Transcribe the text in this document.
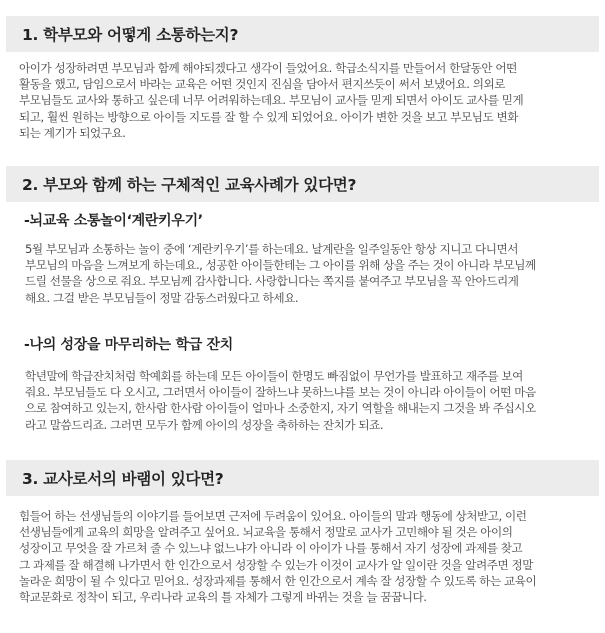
1. 학부모와 어떻게 소통하는지?
아이가 성장하려면 부모님과 함께 해야되겠다고 생각이 들었어요. 학급소식지를 만들어서 한달동안 어떤
활동을 했고, 담임으로서 바라는 교육은 어떤 것인지 진심을 담아서 편지쓰듯이 써서 보냈어요. 의외로
부모님들도 교사와 통하고 싶은데 너무 어려워하는데요. 부모님이 교사들 믿게 되면서 아이도 교사를 믿게
되고, 훨씬 원하는 방향으로 아이들 지도를 잘 할 수 있게 되었어요. 아이가 변한 것을 보고 부모님도 변화
되는 계기가 되었구요.
2. 부모와 함께 하는 구체적인 교육사례가 있다면?
-뇌교육 소통놀이‘계란키우기’
5월 부모님과 소통하는 놀이 중에 ‘계란키우기’를 하는데요. 날계란을 일주일동안 항상 지니고 다니면서
부모님의 마음을 느껴보게 하는데요., 성공한 아이들한테는 그 아이를 위해 상을 주는 것이 아니라 부모님께
드릴 선물을 상으로 줘요. 부모님께 감사합니다. 사랑합니다는 쪽지를 붙여주고 부모님을 꼭 안아드리게
해요. 그걸 받은 부모님들이 정말 감동스러웠다고 하세요.
-나의 성장을 마무리하는 학급 잔치
학년말에 학급잔치처럼 학예회를 하는데 모든 아이들이 한명도 빠짐없이 무언가를 발표하고 재주를 보여
줘요. 부모님들도 다 오시고, 그러면서 아이들이 잘하느냐 못하느냐를 보는 것이 아니라 아이들이 어떤 마음
으로 참여하고 있는지, 한사람 한사람 아이들이 얼마나 소중한지, 자기 역할을 해내는지 그것을 봐 주십시오
라고 말씀드리죠. 그러면 모두가 함께 아이의 성장을 축하하는 잔치가 되죠.
3. 교사로서의 바램이 있다면?
힘들어 하는 선생님들의 이야기를 들어보면 근저에 두려움이 있어요. 아이들의 말과 행동에 상처받고, 이런
선생님들에게 교육의 희망을 알려주고 싶어요. 뇌교육을 통해서 정말로 교사가 고민해야 될 것은 아이의
성장이고 무엇을 잘 가르쳐 줄 수 있느냐 없느냐가 아니라 이 아이가 나를 통해서 자기 성장에 과제를 찾고
그 과제를 잘 해결해 나가면서 한 인간으로서 성장할 수 있는가 이것이 교사가 알 일이란 것을 알려주면 정말
놀라운 희망이 될 수 있다고 믿어요. 성장과제를 통해서 한 인간으로서 계속 잘 성장할 수 있도록 하는 교육이
학교문화로 정착이 되고, 우리나라 교육의 틀 자체가 그렇게 바뀌는 것을 늘 꿈꿉니다.
